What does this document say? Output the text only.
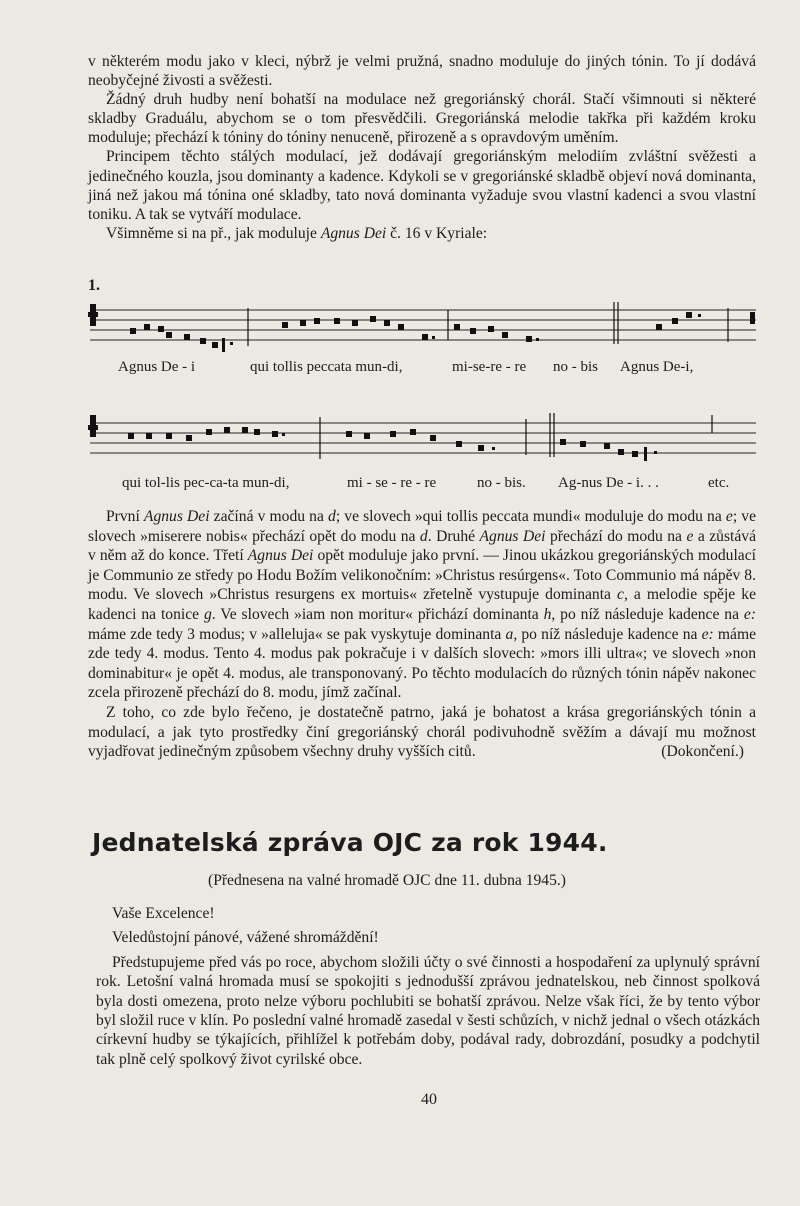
v některém modu jako v kleci, nýbrž je velmi pružná, snadno moduluje do jiných tónin. To jí dodává neobyčejné živosti a svěžesti.

Žádný druh hudby není bohatší na modulace než gregoriánský chorál. Stačí všimnouti si některé skladby Graduálu, abychom se o tom přesvědčili. Gregoriánská melodie takřka při každém kroku moduluje; přechází k tóniny do tóniny nenuceně, přirozeně a s opravdovým uměním.

Principem těchto stálých modulací, jež dodávají gregoriánským melodiím zvláštní svěžesti a jedinečného kouzla, jsou dominanty a kadence. Kdykoli se v gregoriánské skladbě objeví nová dominanta, jiná než jakou má tónina oné skladby, tato nová dominanta vyžaduje svou vlastní kadenci a svou vlastní toniku. A tak se vytváří modulace.

Všimněme si na př., jak moduluje Agnus Dei č. 16 v Kyriale:

1.
Agnus De - i	qui tollis peccata mun-di,	mi-se-re - re no - bis Agnus De-i,
qui tol-lis pec-ca-ta mun-di,	mi - se - re - re	no - bis. Ag-nus De - i. . .	etc.

První Agnus Dei začíná v modu na d; ve slovech »qui tollis peccata mundi« moduluje do modu na e; ve slovech »miserere nobis« přechází opět do modu na d. Druhé Agnus Dei přechází do modu na e a zůstává v něm až do konce. Třetí Agnus Dei opět moduluje jako první. — Jinou ukázkou gregoriánských modulací je Communio ze středy po Hodu Božím velikonočním: »Christus resúrgens«. Toto Communio má nápěv 8. modu. Ve slovech »Christus resurgens ex mortuis« zřetelně vystupuje dominanta c, a melodie spěje ke kadenci na tonice g. Ve slovech »iam non moritur« přichází dominanta h, po níž následuje kadence na e: máme zde tedy 3 modus; v »alleluja« se pak vyskytuje dominanta a, po níž následuje kadence na e: máme zde tedy 4. modus. Tento 4. modus pak pokračuje i v dalších slovech: »mors illi ultra«; ve slovech »non dominabitur« je opět 4. modus, ale transponovaný. Po těchto modulacích do různých tónin nápěv nakonec zcela přirozeně přechází do 8. modu, jímž začínal.

Z toho, co zde bylo řečeno, je dostatečně patrno, jaká je bohatost a krása gregoriánských tónin a modulací, a jak tyto prostředky činí gregoriánský chorál podivuhodně svěžím a dávají mu možnost vyjadřovat jedinečným způsobem všechny druhy vyšších citů.	(Dokončení.)

Jednatelská zpráva OJC za rok 1944.
(Přednesena na valné hromadě OJC dne 11. dubna 1945.)

Vaše Excelence!

Veledůstojní pánové, vážené shromáždění!

Předstupujeme před vás po roce, abychom složili účty o své činnosti a hospodaření za uplynulý správní rok. Letošní valná hromada musí se spokojiti s jednodušší zprávou jednatelskou, neb činnost spolková byla dosti omezena, proto nelze výboru pochlubiti se bohatší zprávou. Nelze však říci, že by tento výbor byl složil ruce v klín. Po poslední valné hromadě zasedal v šesti schůzích, v nichž jednal o všech otázkách církevní hudby se týkajících, přihlížel k potřebám doby, podával rady, dobrozdání, posudky a podchytil tak plně celý spolkový život cyrilské obce.

40
